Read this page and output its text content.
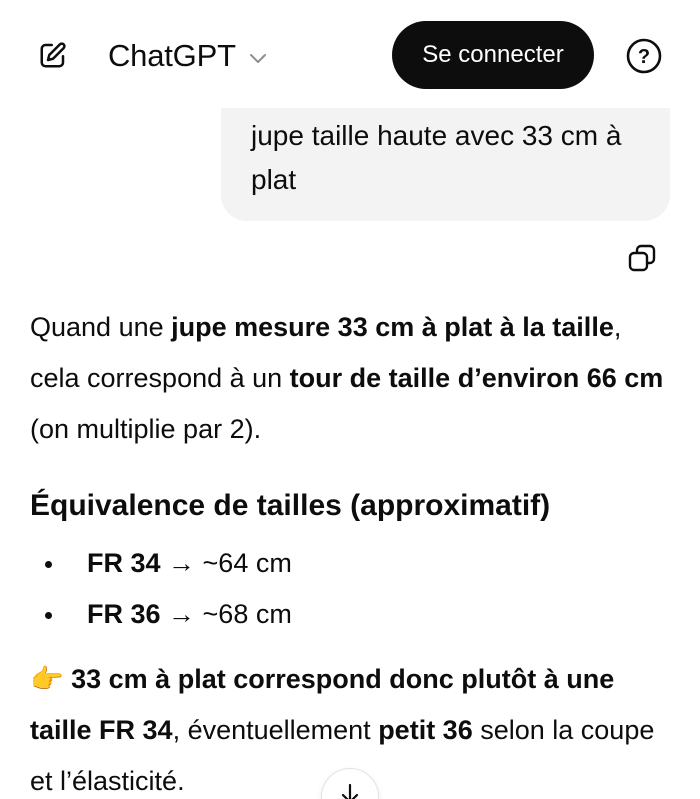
jupe taille haute avec 33 cm à plat
ChatGPT	Se connecter	?

Quand une jupe mesure 33 cm à plat à la taille, cela correspond à un tour de taille d’environ 66 cm (on multiplie par 2).

Équivalence de tailles (approximatif)
FR 34 → ~64 cm
FR 36 → ~68 cm

👉 33 cm à plat correspond donc plutôt à une taille FR 34, éventuellement petit 36 selon la coupe et l’élasticité.
